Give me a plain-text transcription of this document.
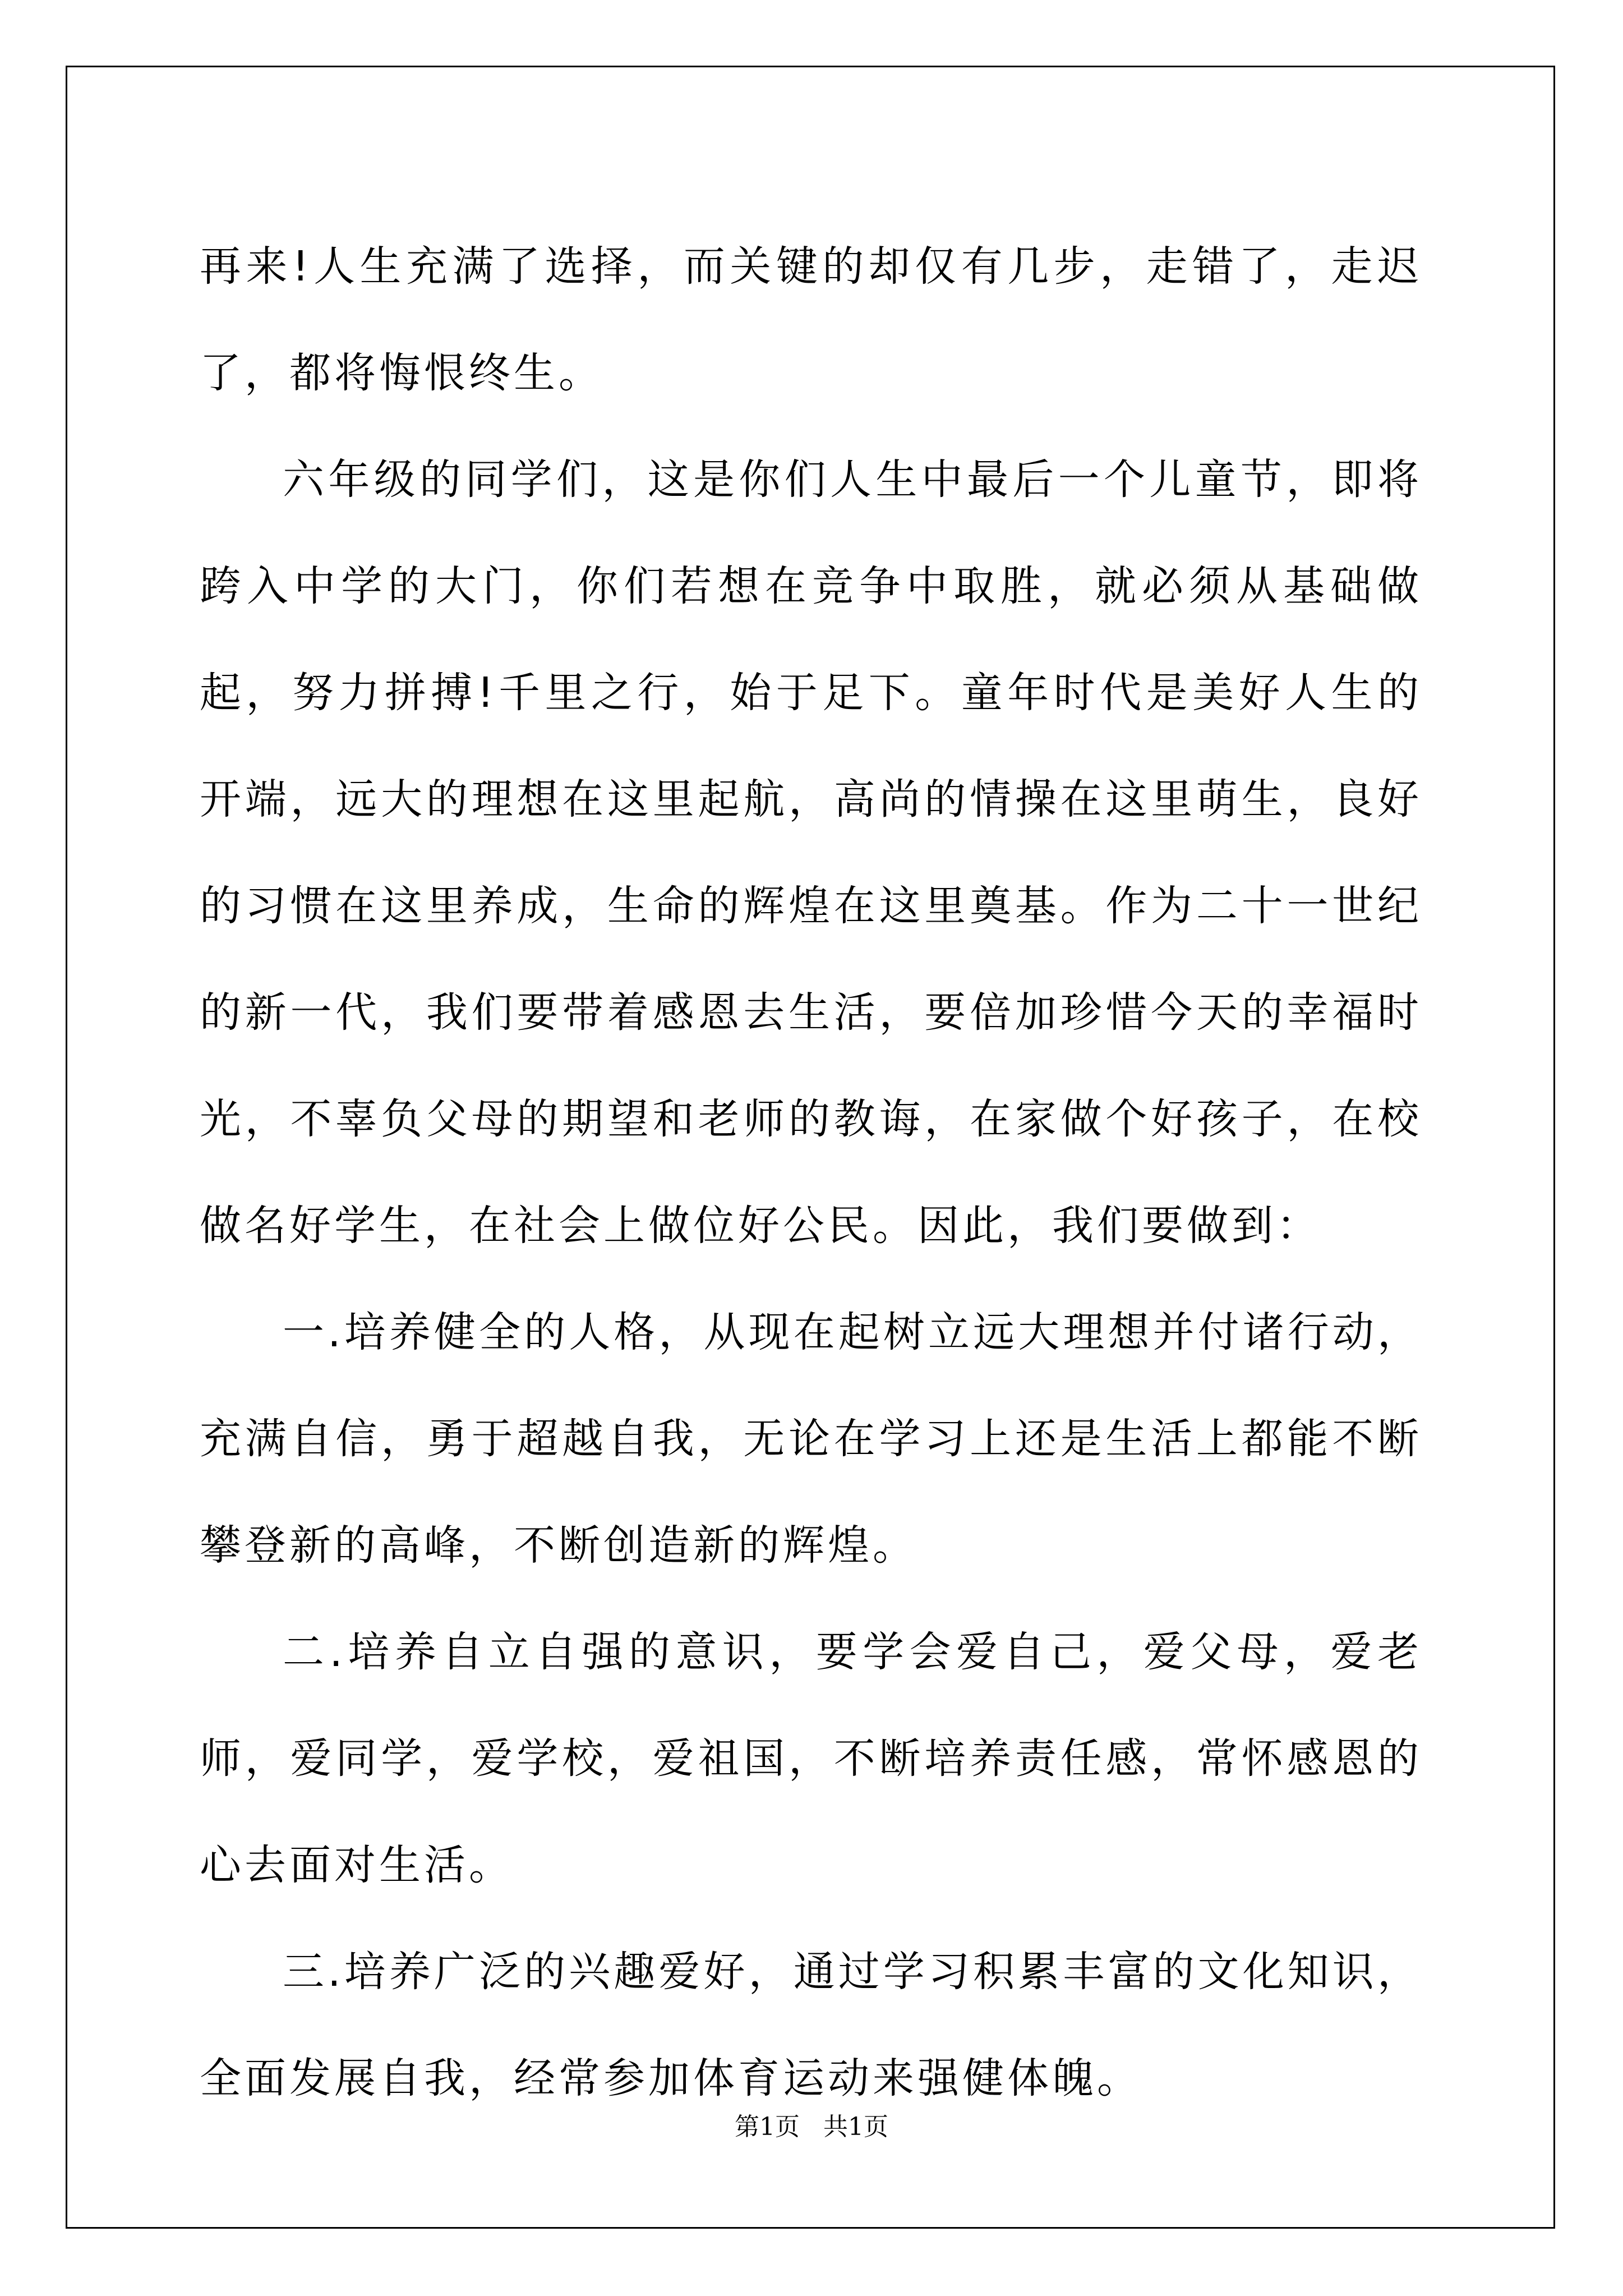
再来!人生充满了选择，而关键的却仅有几步，走错了，走迟了，都将悔恨终生。

六年级的同学们，这是你们人生中最后一个儿童节，即将跨入中学的大门，你们若想在竞争中取胜，就必须从基础做起，努力拼搏!千里之行，始于足下。童年时代是美好人生的开端，远大的理想在这里起航，高尚的情操在这里萌生，良好的习惯在这里养成，生命的辉煌在这里奠基。作为二十一世纪的新一代，我们要带着感恩去生活，要倍加珍惜今天的幸福时光，不辜负父母的期望和老师的教诲，在家做个好孩子，在校做名好学生，在社会上做位好公民。因此，我们要做到：

一.培养健全的人格，从现在起树立远大理想并付诸行动，充满自信，勇于超越自我，无论在学习上还是生活上都能不断攀登新的高峰，不断创造新的辉煌。

二.培养自立自强的意识，要学会爱自己，爱父母，爱老师，爱同学，爱学校，爱祖国，不断培养责任感，常怀感恩的心去面对生活。

三.培养广泛的兴趣爱好，通过学习积累丰富的文化知识，全面发展自我，经常参加体育运动来强健体魄。

第1页 共1页
